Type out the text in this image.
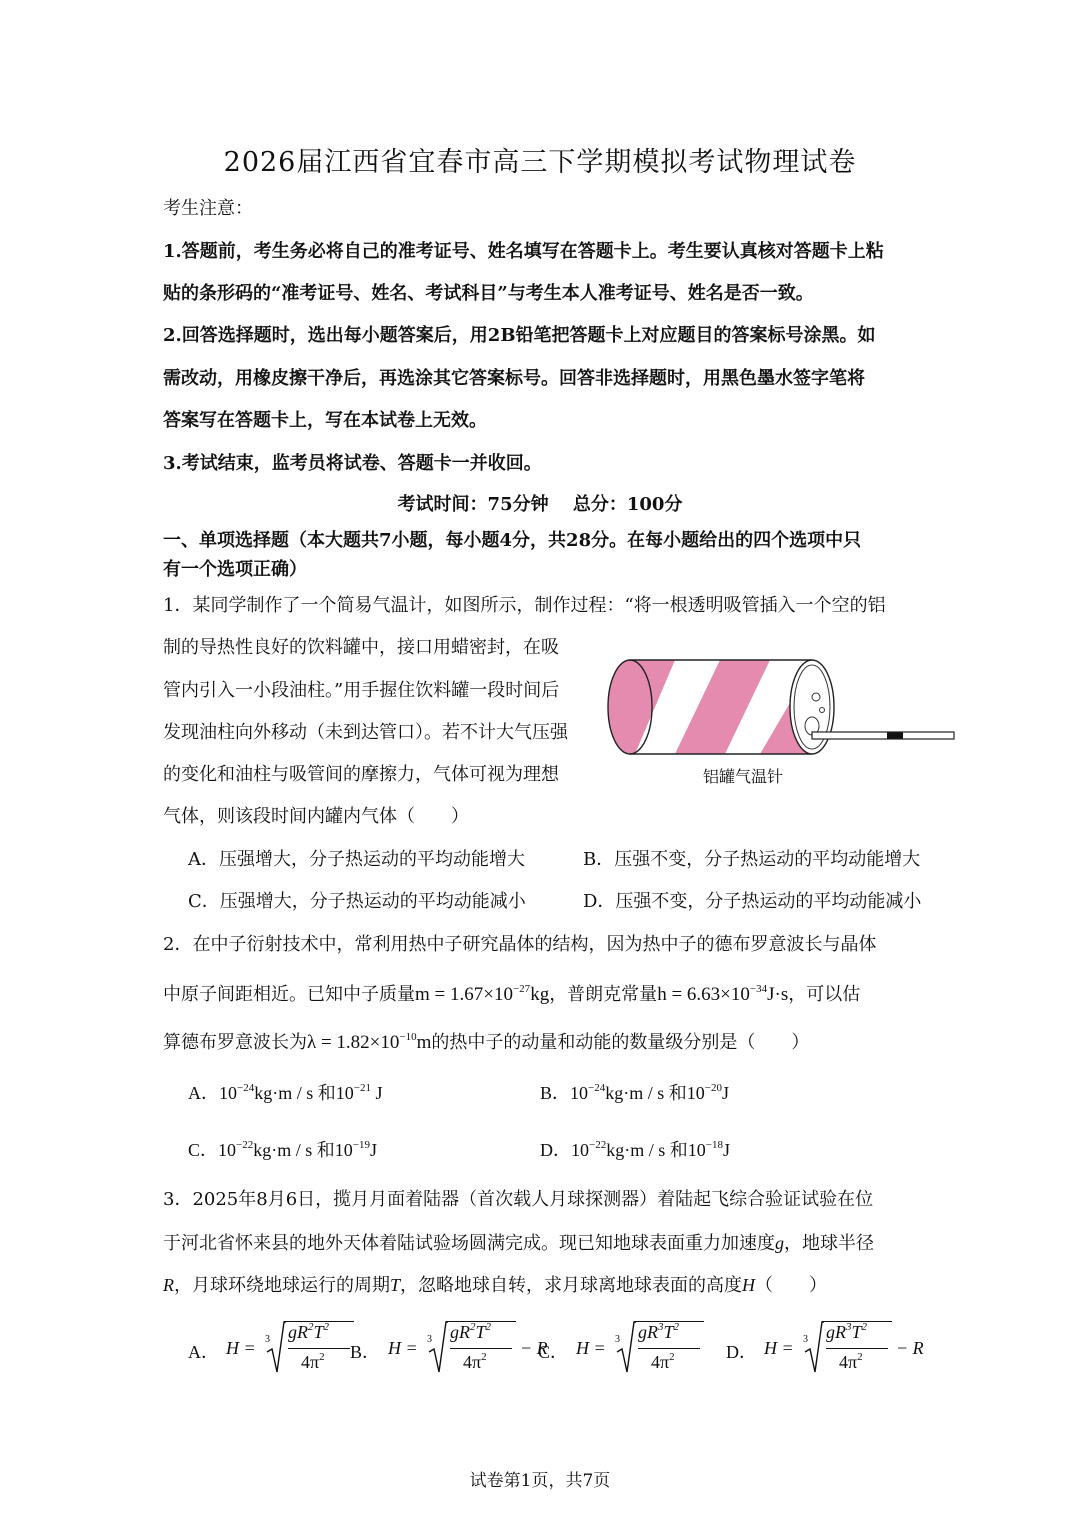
2026届江西省宜春市高三下学期模拟考试物理试卷
考生注意：
1.答题前，考生务必将自己的准考证号、姓名填写在答题卡上。考生要认真核对答题卡上粘
贴的条形码的“准考证号、姓名、考试科目”与考生本人准考证号、姓名是否一致。
2.回答选择题时，选出每小题答案后，用2B铅笔把答题卡上对应题目的答案标号涂黑。如
需改动，用橡皮擦干净后，再选涂其它答案标号。回答非选择题时，用黑色墨水签字笔将
答案写在答题卡上，写在本试卷上无效。
3.考试结束，监考员将试卷、答题卡一并收回。
考试时间：75分钟　 总分：100分
一、单项选择题（本大题共7小题，每小题4分，共28分。在每小题给出的四个选项中只
有一个选项正确）
1．某同学制作了一个简易气温计，如图所示，制作过程：“将一根透明吸管插入一个空的铝
制的导热性良好的饮料罐中，接口用蜡密封，在吸
管内引入一小段油柱。”用手握住饮料罐一段时间后
发现油柱向外移动（未到达管口）。若不计大气压强
的变化和油柱与吸管间的摩擦力，气体可视为理想
气体，则该段时间内罐内气体（　　）
铝罐气温针
A．压强增大，分子热运动的平均动能增大	B．压强不变，分子热运动的平均动能增大
C．压强增大，分子热运动的平均动能减小	D．压强不变，分子热运动的平均动能减小
2．在中子衍射技术中，常利用热中子研究晶体的结构，因为热中子的德布罗意波长与晶体
中原子间距相近。已知中子质量$m = 1.67\times 10^{-27}kg$，普朗克常量$h = 6.63\times 10^{-34}J\cdot s$，可以估
算德布罗意波长为$\lambda = 1.82\times 10^{-10}m$的热中子的动量和动能的数量级分别是（　　）
A．$10^{-24}kg\cdot m / s$ 和$10^{-21}$ J	B．$10^{-24}kg\cdot m / s$ 和$10^{-20}J$
C．$10^{-22}kg\cdot m / s$ 和$10^{-19}J$	D．$10^{-22}kg\cdot m / s$ 和$10^{-18}J$
3．2025年8月6日，揽月月面着陆器（首次载人月球探测器）着陆起飞综合验证试验在位
于河北省怀来县的地外天体着陆试验场圆满完成。现已知地球表面重力加速度g，地球半径
R，月球环绕地球运行的周期T，忽略地球自转，求月球离地球表面的高度H（　　）
A． H = 3 $gR^2T^2$
$4\pi^2$ B． H = 3 $gR^2T^2$
$4\pi^2 - R$
C． H = 3 $gR^3T^2$
$4\pi^2$	D． H = 3 $gR^3T^2$
$4\pi^2 - R$
试卷第1页，共7页
